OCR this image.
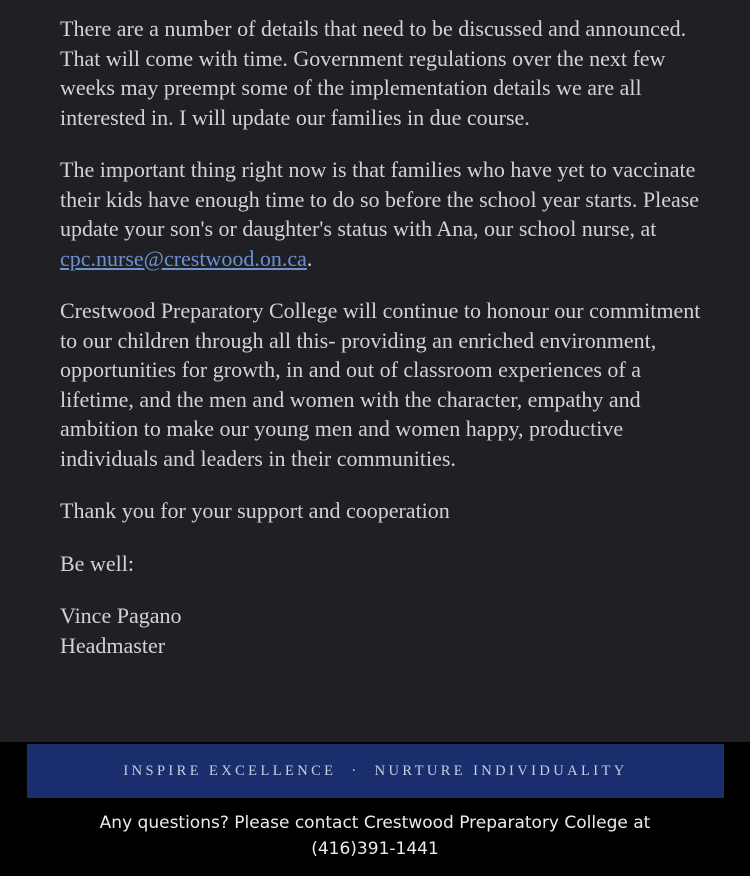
There are a number of details that need to be discussed and announced. That will come with time. Government regulations over the next few weeks may preempt some of the implementation details we are all interested in. I will update our families in due course.

The important thing right now is that families who have yet to vaccinate their kids have enough time to do so before the school year starts. Please update your son's or daughter's status with Ana, our school nurse, at cpc.nurse@crestwood.on.ca.

Crestwood Preparatory College will continue to honour our commitment to our children through all this- providing an enriched environment, opportunities for growth, in and out of classroom experiences of a lifetime, and the men and women with the character, empathy and ambition to make our young men and women happy, productive individuals and leaders in their communities.

Thank you for your support and cooperation

Be well:

Vince Pagano
Headmaster
INSPIRE EXCELLENCE · NURTURE INDIVIDUALITY
Any questions? Please contact Crestwood Preparatory College at
(416)391-1441
